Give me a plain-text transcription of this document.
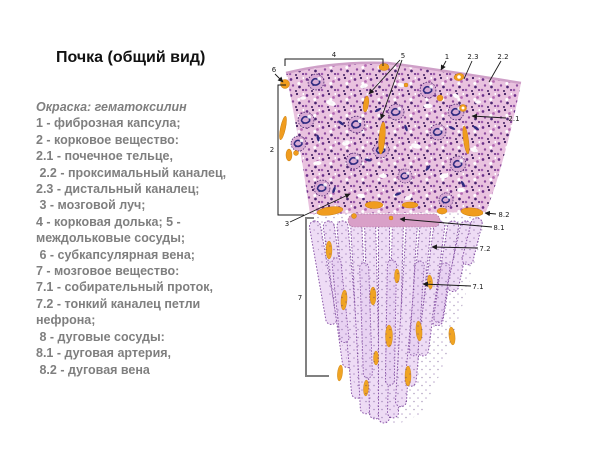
Почка (общий вид)
Окраска: гематоксилин
1 - фиброзная капсула;
2 - корковое вещество:
2.1 - почечное тельце,
2.2 - проксимальный каналец,
2.3 - дистальный каналец;
3 - мозговой луч;
4 - корковая долька; 5 -
междольковые сосуды;
6 - субкапсулярная вена;
7 - мозговое вещество:
7.1 - собирательный проток,
7.2 - тонкий каналец петли
нефрона;
8 - дуговые сосуды:
8.1 - дуговая артерия,
8.2 - дуговая вена
1
2
2.1
2.2
2.3
3
4	5
6
7
7.1
7.2
8.1
8.2
